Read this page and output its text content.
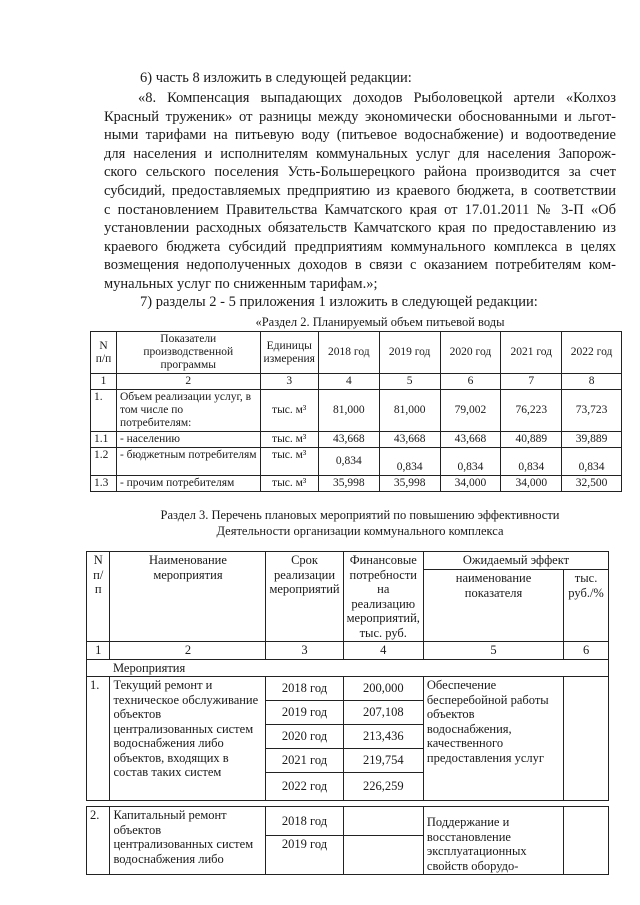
6) часть 8 изложить в следующей редакции:
«8. Компенсация выпадающих доходов Рыболовецкой артели «Колхоз
Красный труженик» от разницы между экономически обоснованными и льгот-
ными тарифами на питьевую воду (питьевое водоснабжение) и водоотведение
для населения и исполнителям коммунальных услуг для населения Запорож-
ского сельского поселения Усть-Большерецкого района производится за счет
субсидий, предоставляемых предприятию из краевого бюджета, в соответствии
с постановлением Правительства Камчатского края от 17.01.2011 № 3-П «Об
установлении расходных обязательств Камчатского края по предоставлению из
краевого бюджета субсидий предприятиям коммунального комплекса в целях
возмещения недополученных доходов в связи с оказанием потребителям ком-
мунальных услуг по сниженным тарифам.»;
7) разделы 2 - 5 приложения 1 изложить в следующей редакции:
«Раздел 2. Планируемый объем питьевой воды
N п/п	Показатели производственной программы	Единицы измерения	2018 год	2019 год	2020 год	2021 год	2022 год
1	2	3	4	5	6	7	8
1.	Объем реализации услуг, в том числе по потребителям:	тыс. м³	81,000	81,000	79,002	76,223	73,723
1.1	- населению	тыс. м³	43,668	43,668	43,668	40,889	39,889
1.2	- бюджетным потребителям	тыс. м³	0,834	0,834	0,834	0,834	0,834
1.3	- прочим потребителям	тыс. м³	35,998	35,998	34,000	34,000	32,500
Раздел 3. Перечень плановых мероприятий по повышению эффективности
Деятельности организации коммунального комплекса
N п/п	Наименование мероприятия	Срок реализации мероприятий	Финансовые потребности на реализацию мероприятий, тыс. руб.	Ожидаемый эффект	
				наименование показателя	тыс. руб./%
1	2	3	4	5	6
	Мероприятия				
1.	Текущий ремонт и техническое обслуживание объектов централизованных систем водоснабжения либо объектов, входящих в состав таких систем	2018 год	200,000	Обеспечение бесперебойной работы объектов водоснабжения, качественного предоставления услуг	
		2019 год	207,108		
		2020 год	213,436		
		2021 год	219,754		
		2022 год	226,259		

2.	Капитальный ремонт объектов централизованных систем водоснабжения либо	2018 год		Поддержание и восстановление эксплуатационных свойств оборудо-	
		2019 год			
